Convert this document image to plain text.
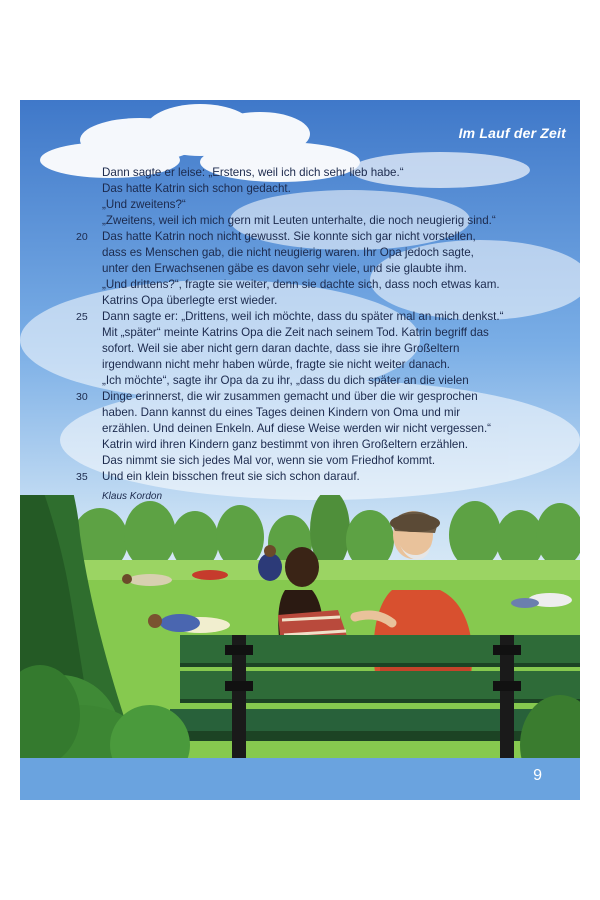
Im Lauf der Zeit
Dann sagte er leise: „Erstens, weil ich dich sehr lieb habe.“
Das hatte Katrin sich schon gedacht.
„Und zweitens?“
„Zweitens, weil ich mich gern mit Leuten unterhalte, die noch neugierig sind.“
20	Das hatte Katrin noch nicht gewusst. Sie konnte sich gar nicht vorstellen,
dass es Menschen gab, die nicht neugierig waren. Ihr Opa jedoch sagte,
unter den Erwachsenen gäbe es davon sehr viele, und sie glaubte ihm.
„Und drittens?“, fragte sie weiter, denn sie dachte sich, dass noch etwas kam.
Katrins Opa überlegte erst wieder.
25	Dann sagte er: „Drittens, weil ich möchte, dass du später mal an mich denkst.“
Mit „später“ meinte Katrins Opa die Zeit nach seinem Tod. Katrin begriff das
sofort. Weil sie aber nicht gern daran dachte, dass sie ihre Großeltern
irgendwann nicht mehr haben würde, fragte sie nicht weiter danach.
„Ich möchte“, sagte ihr Opa da zu ihr, „dass du dich später an die vielen
30	Dinge erinnerst, die wir zusammen gemacht und über die wir gesprochen
haben. Dann kannst du eines Tages deinen Kindern von Oma und mir
erzählen. Und deinen Enkeln. Auf diese Weise werden wir nicht vergessen.“
Katrin wird ihren Kindern ganz bestimmt von ihren Großeltern erzählen.
Das nimmt sie sich jedes Mal vor, wenn sie vom Friedhof kommt.
35	Und ein klein bisschen freut sie sich schon darauf.
Klaus Kordon
9
